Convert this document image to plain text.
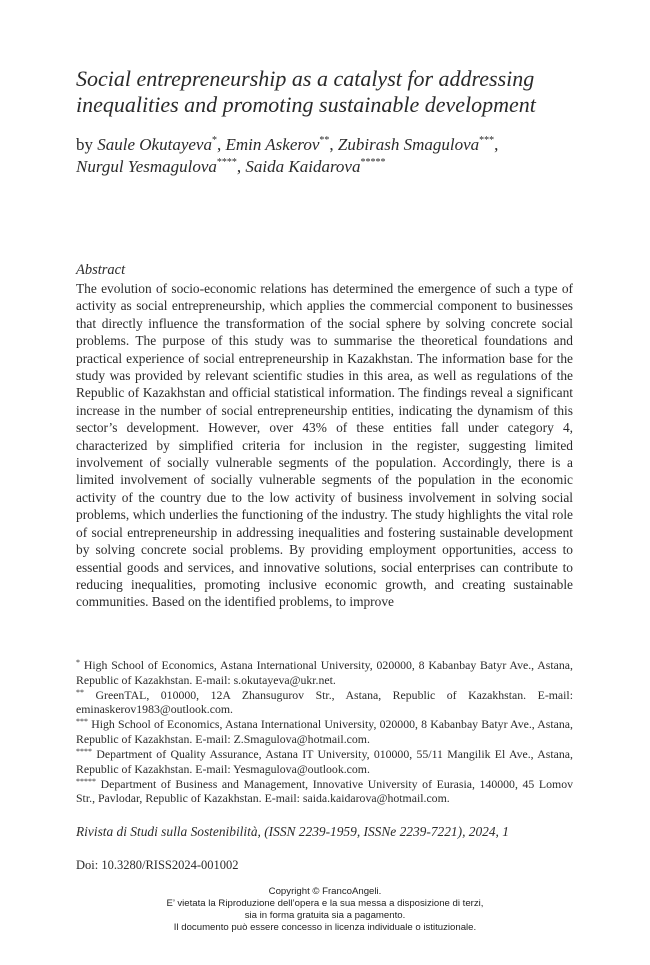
Social entrepreneurship as a catalyst for addressing
inequalities and promoting sustainable development
by Saule Okutayeva*, Emin Askerov**, Zubirash Smagulova***,
Nurgul Yesmagulova****, Saida Kaidarova*****
Abstract
The evolution of socio-economic relations has determined the emergence of such a type of activity as social entrepreneurship, which applies the commercial component to businesses that directly influence the transformation of the social sphere by solving concrete social problems. The purpose of this study was to summarise the theoretical foundations and practical experience of social entrepreneurship in Kazakhstan. The information base for the study was provided by relevant scientific studies in this area, as well as regulations of the Republic of Kazakhstan and official statistical information. The findings reveal a significant increase in the number of social entrepreneurship entities, indicating the dynamism of this sector’s development. However, over 43% of these entities fall under category 4, characterized by simplified criteria for inclusion in the register, suggesting limited involvement of socially vulnerable segments of the population. Accordingly, there is a limited involvement of socially vulnerable segments of the population in the economic activity of the country due to the low activity of business involvement in solving social problems, which underlies the functioning of the industry. The study highlights the vital role of social entrepreneurship in addressing inequalities and fostering sustainable development by solving concrete social problems. By providing employment opportunities, access to essential goods and services, and innovative solutions, social enterprises can contribute to reducing inequalities, promoting inclusive economic growth, and creating sustainable communities. Based on the identified problems, to improve
* High School of Economics, Astana International University, 020000, 8 Kabanbay Batyr Ave., Astana, Republic of Kazakhstan. E-mail: s.okutayeva@ukr.net.
** GreenTAL, 010000, 12A Zhansugurov Str., Astana, Republic of Kazakhstan. E-mail: eminaskerov1983@outlook.com.
*** High School of Economics, Astana International University, 020000, 8 Kabanbay Batyr Ave., Astana, Republic of Kazakhstan. E-mail: Z.Smagulova@hotmail.com.
**** Department of Quality Assurance, Astana IT University, 010000, 55/11 Mangilik El Ave., Astana, Republic of Kazakhstan. E-mail: Yesmagulova@outlook.com.
***** Department of Business and Management, Innovative University of Eurasia, 140000, 45 Lomov Str., Pavlodar, Republic of Kazakhstan. E-mail: saida.kaidarova@hotmail.com.
Rivista di Studi sulla Sostenibilità, (ISSN 2239-1959, ISSNe 2239-7221), 2024, 1
Doi: 10.3280/RISS2024-001002
Copyright © FrancoAngeli.
E’ vietata la Riproduzione dell’opera e la sua messa a disposizione di terzi,
sia in forma gratuita sia a pagamento.
Il documento può essere concesso in licenza individuale o istituzionale.
